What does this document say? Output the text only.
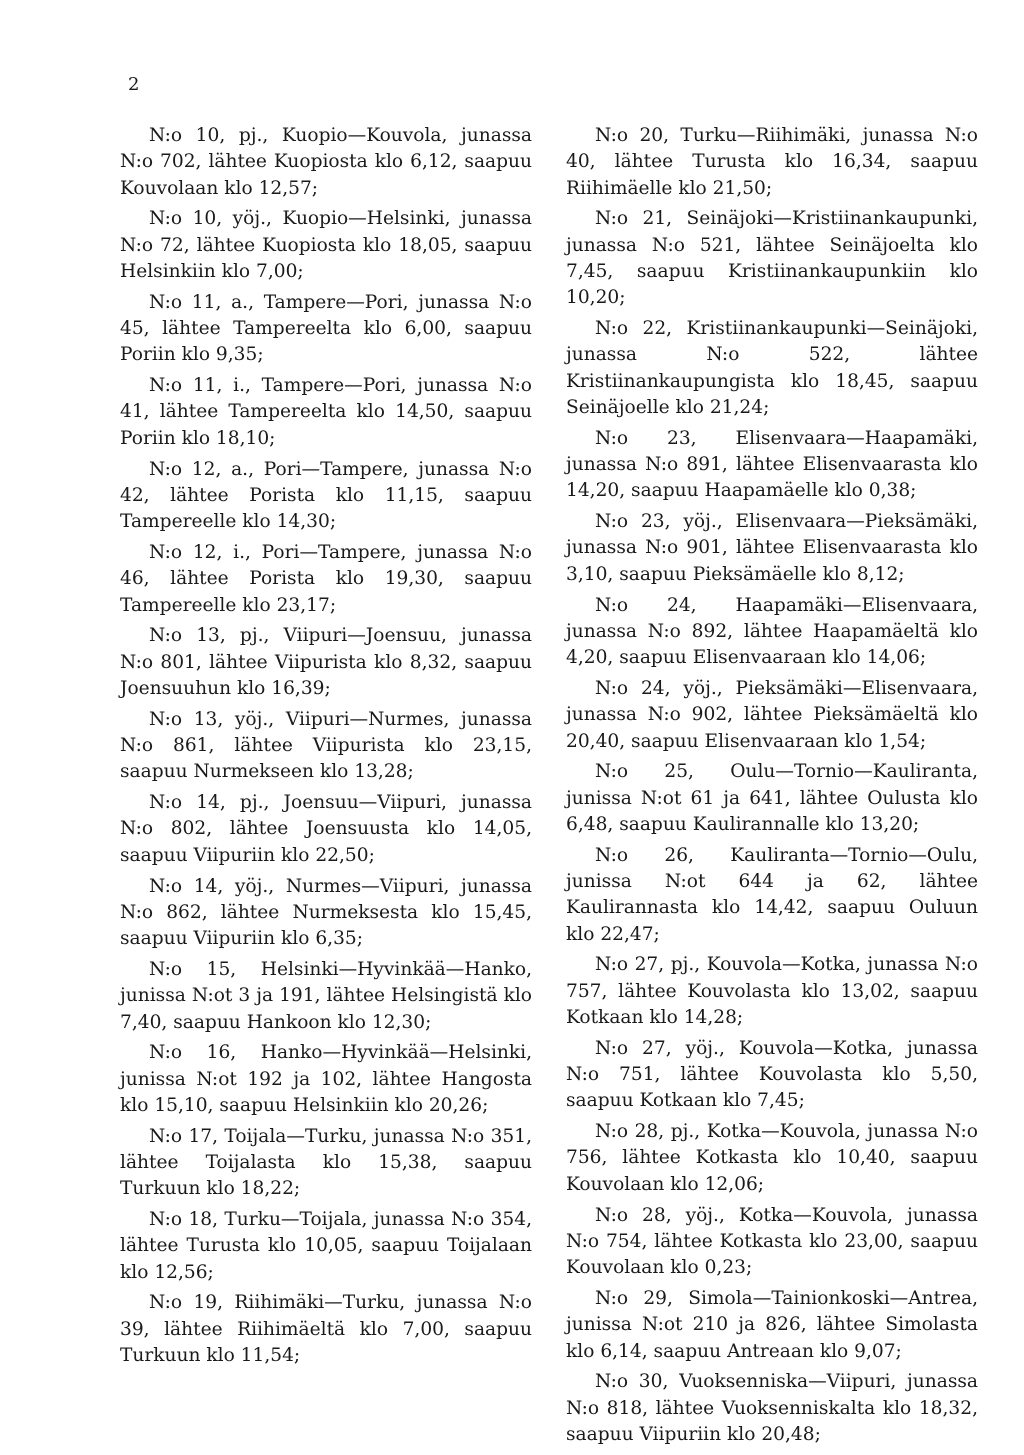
2

N:o 10, pj., Kuopio—Kouvola, junassa N:o 702, lähtee Kuopiosta klo 6,12, saapuu Kouvolaan klo 12,57;

N:o 10, yöj., Kuopio—Helsinki, junassa N:o 72, lähtee Kuopiosta klo 18,05, saapuu Helsinkiin klo 7,00;

N:o 11, a., Tampere—Pori, junassa N:o 45, lähtee Tampereelta klo 6,00, saapuu Poriin klo 9,35;

N:o 11, i., Tampere—Pori, junassa N:o 41, lähtee Tampereelta klo 14,50, saapuu Poriin klo 18,10;

N:o 12, a., Pori—Tampere, junassa N:o 42, lähtee Porista klo 11,15, saapuu Tampereelle klo 14,30;

N:o 12, i., Pori—Tampere, junassa N:o 46, lähtee Porista klo 19,30, saapuu Tampereelle klo 23,17;

N:o 13, pj., Viipuri—Joensuu, junassa N:o 801, lähtee Viipurista klo 8,32, saapuu Joensuuhun klo 16,39;

N:o 13, yöj., Viipuri—Nurmes, junassa N:o 861, lähtee Viipurista klo 23,15, saapuu Nurmekseen klo 13,28;

N:o 14, pj., Joensuu—Viipuri, junassa N:o 802, lähtee Joensuusta klo 14,05, saapuu Viipuriin klo 22,50;

N:o 14, yöj., Nurmes—Viipuri, junassa N:o 862, lähtee Nurmeksesta klo 15,45, saapuu Viipuriin klo 6,35;

N:o 15, Helsinki—Hyvinkää—Hanko, junissa N:ot 3 ja 191, lähtee Helsingistä klo 7,40, saapuu Hankoon klo 12,30;

N:o 16, Hanko—Hyvinkää—Helsinki, junissa N:ot 192 ja 102, lähtee Hangosta klo 15,10, saapuu Helsinkiin klo 20,26;

N:o 17, Toijala—Turku, junassa N:o 351, lähtee Toijalasta klo 15,38, saapuu Turkuun klo 18,22;

N:o 18, Turku—Toijala, junassa N:o 354, lähtee Turusta klo 10,05, saapuu Toijalaan klo 12,56;

N:o 19, Riihimäki—Turku, junassa N:o 39, lähtee Riihimäeltä klo 7,00, saapuu Turkuun klo 11,54;

N:o 20, Turku—Riihimäki, junassa N:o 40, lähtee Turusta klo 16,34, saapuu Riihimäelle klo 21,50;

N:o 21, Seinäjoki—Kristiinankaupunki, junassa N:o 521, lähtee Seinäjoelta klo 7,45, saapuu Kristiinankaupunkiin klo 10,20;

N:o 22, Kristiinankaupunki—Seinäjoki, junassa N:o 522, lähtee Kristiinankaupungista klo 18,45, saapuu Seinäjoelle klo 21,24;

N:o 23, Elisenvaara—Haapamäki, junassa N:o 891, lähtee Elisenvaarasta klo 14,20, saapuu Haapamäelle klo 0,38;

N:o 23, yöj., Elisenvaara—Pieksämäki, junassa N:o 901, lähtee Elisenvaarasta klo 3,10, saapuu Pieksämäelle klo 8,12;

N:o 24, Haapamäki—Elisenvaara, junassa N:o 892, lähtee Haapamäeltä klo 4,20, saapuu Elisenvaaraan klo 14,06;

N:o 24, yöj., Pieksämäki—Elisenvaara, junassa N:o 902, lähtee Pieksämäeltä klo 20,40, saapuu Elisenvaaraan klo 1,54;

N:o 25, Oulu—Tornio—Kauliranta, junissa N:ot 61 ja 641, lähtee Oulusta klo 6,48, saapuu Kaulirannalle klo 13,20;

N:o 26, Kauliranta—Tornio—Oulu, junissa N:ot 644 ja 62, lähtee Kaulirannasta klo 14,42, saapuu Ouluun klo 22,47;

N:o 27, pj., Kouvola—Kotka, junassa N:o 757, lähtee Kouvolasta klo 13,02, saapuu Kotkaan klo 14,28;

N:o 27, yöj., Kouvola—Kotka, junassa N:o 751, lähtee Kouvolasta klo 5,50, saapuu Kotkaan klo 7,45;

N:o 28, pj., Kotka—Kouvola, junassa N:o 756, lähtee Kotkasta klo 10,40, saapuu Kouvolaan klo 12,06;

N:o 28, yöj., Kotka—Kouvola, junassa N:o 754, lähtee Kotkasta klo 23,00, saapuu Kouvolaan klo 0,23;

N:o 29, Simola—Tainionkoski—Antrea, junissa N:ot 210 ja 826, lähtee Simolasta klo 6,14, saapuu Antreaan klo 9,07;

N:o 30, Vuoksenniska—Viipuri, junassa N:o 818, lähtee Vuoksenniskalta klo 18,32, saapuu Viipuriin klo 20,48;
